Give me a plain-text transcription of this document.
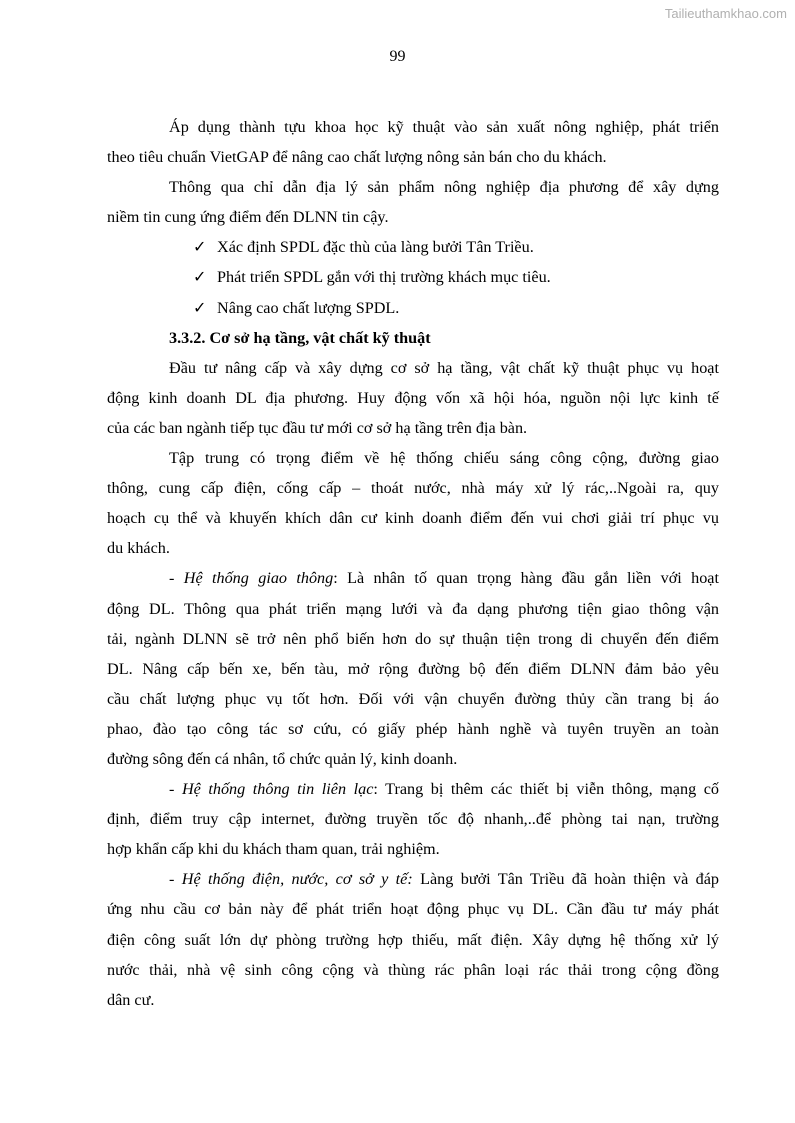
Tailieuthamkhao.com
99
Áp dụng thành tựu khoa học kỹ thuật vào sản xuất nông nghiệp, phát triển
theo tiêu chuẩn VietGAP để nâng cao chất lượng nông sản bán cho du khách.
Thông qua chỉ dẫn địa lý sản phẩm nông nghiệp địa phương để xây dựng
niềm tin cung ứng điểm đến DLNN tin cậy.
✓ Xác định SPDL đặc thù của làng bưởi Tân Triều.
✓ Phát triển SPDL gắn với thị trường khách mục tiêu.
✓ Nâng cao chất lượng SPDL.
3.3.2. Cơ sở hạ tầng, vật chất kỹ thuật
Đầu tư nâng cấp và xây dựng cơ sở hạ tầng, vật chất kỹ thuật phục vụ hoạt
động kinh doanh DL địa phương. Huy động vốn xã hội hóa, nguồn nội lực kinh tế
của các ban ngành tiếp tục đầu tư mới cơ sở hạ tầng trên địa bàn.
Tập trung có trọng điểm về hệ thống chiếu sáng công cộng, đường giao
thông, cung cấp điện, cống cấp – thoát nước, nhà máy xử lý rác,..Ngoài ra, quy
hoạch cụ thể và khuyến khích dân cư kinh doanh điểm đến vui chơi giải trí phục vụ
du khách.
- Hệ thống giao thông: Là nhân tố quan trọng hàng đầu gắn liền với hoạt
động DL. Thông qua phát triển mạng lưới và đa dạng phương tiện giao thông vận
tải, ngành DLNN sẽ trở nên phổ biến hơn do sự thuận tiện trong di chuyển đến điểm
DL. Nâng cấp bến xe, bến tàu, mở rộng đường bộ đến điểm DLNN đảm bảo yêu
cầu chất lượng phục vụ tốt hơn. Đối với vận chuyển đường thủy cần trang bị áo
phao, đào tạo công tác sơ cứu, có giấy phép hành nghề và tuyên truyền an toàn
đường sông đến cá nhân, tổ chức quản lý, kinh doanh.
- Hệ thống thông tin liên lạc: Trang bị thêm các thiết bị viễn thông, mạng cố
định, điểm truy cập internet, đường truyền tốc độ nhanh,..để phòng tai nạn, trường
hợp khẩn cấp khi du khách tham quan, trải nghiệm.
- Hệ thống điện, nước, cơ sở y tế: Làng bưởi Tân Triều đã hoàn thiện và đáp
ứng nhu cầu cơ bản này để phát triển hoạt động phục vụ DL. Cần đầu tư máy phát
điện công suất lớn dự phòng trường hợp thiếu, mất điện. Xây dựng hệ thống xử lý
nước thải, nhà vệ sinh công cộng và thùng rác phân loại rác thải trong cộng đồng
dân cư.
